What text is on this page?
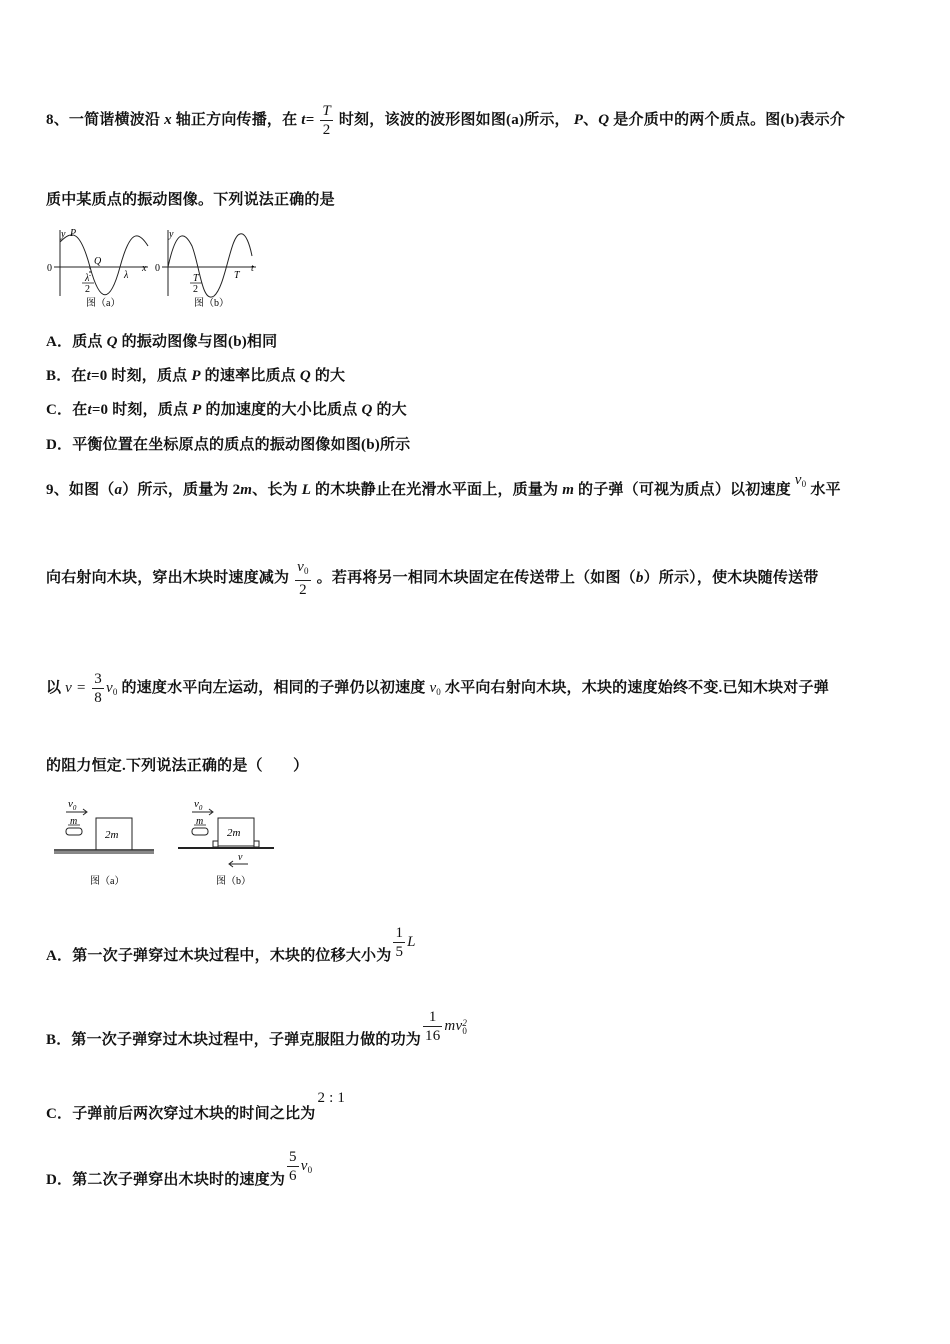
8、一简谐横波沿 x 轴正方向传播，在 $t= \frac{T}{2}$ 时刻，该波的波形图如图(a)所示， P、Q 是介质中的两个质点。图(b)表示介
质中某质点的振动图像。下列说法正确的是
y P
Q
0
λ
2
λ
x
图（a）
y
0
T
2
T
t
图（b）
A．质点 Q 的振动图像与图(b)相同
B．在t=0 时刻，质点 P 的速率比质点 Q 的大
C．在t=0 时刻，质点 P 的加速度的大小比质点 Q 的大
D．平衡位置在坐标原点的质点的振动图像如图(b)所示
9、如图（a）所示，质量为 2m、长为 L 的木块静止在光滑水平面上，质量为 m 的子弹（可视为质点）以初速度 $v_0$ 水平
向右射向木块，穿出木块时速度减为 $\frac{v_0}{2}$ 。若再将另一相同木块固定在传送带上（如图（b）所示），使木块随传送带
以 $v = \frac{3}{8} v_0$ 的速度水平向左运动，相同的子弹仍以初速度 $v_0$ 水平向右射向木块，木块的速度始终不变.已知木块对子弹
的阻力恒定.下列说法正确的是（　　）
$v_0$
m
2m
图（a）
$v_0$
m
2m
v
图（b）
A．第一次子弹穿过木块过程中，木块的位移大小为 $\frac{1}{5}$ L
B．第一次子弹穿过木块过程中，子弹克服阻力做的功为 $\frac{1}{16}$ mv 2
0
C．子弹前后两次穿过木块的时间之比为2 : 1
D．第二次子弹穿出木块时的速度为 $\frac{5}{6} v_0$
